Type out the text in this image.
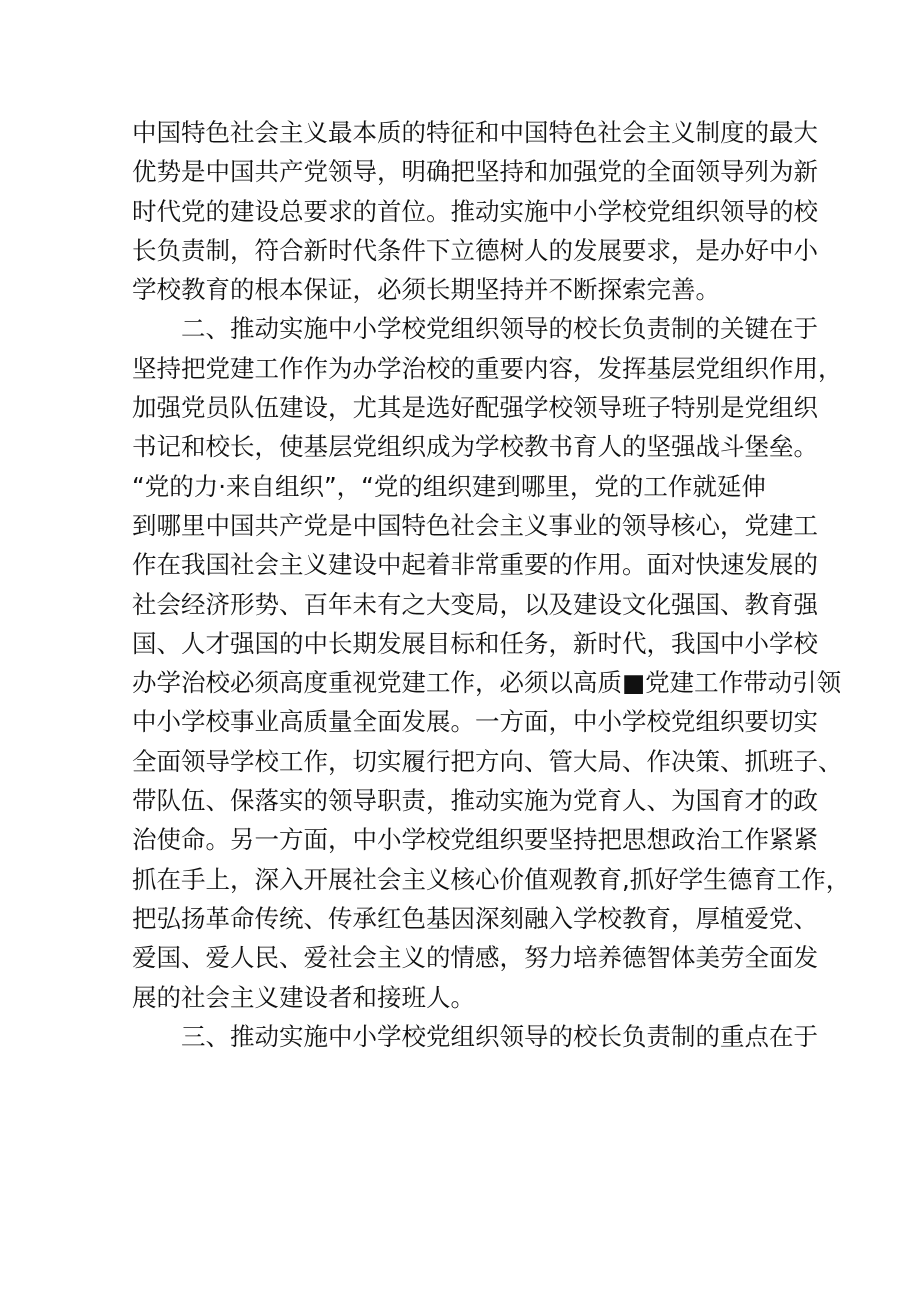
中国特色社会主义最本质的特征和中国特色社会主义制度的最大
优势是中国共产党领导，明确把坚持和加强党的全面领导列为新
时代党的建设总要求的首位。推动实施中小学校党组织领导的校
长负责制，符合新时代条件下立德树人的发展要求，是办好中小
学校教育的根本保证，必须长期坚持并不断探索完善。
二、推动实施中小学校党组织领导的校长负责制的关键在于
坚持把党建工作作为办学治校的重要内容，发挥基层党组织作用，
加强党员队伍建设，尤其是选好配强学校领导班子特别是党组织
书记和校长，使基层党组织成为学校教书育人的坚强战斗堡垒。
“党的力·来自组织”，“党的组织建到哪里，党的工作就延伸
到哪里中国共产党是中国特色社会主义事业的领导核心，党建工
作在我国社会主义建设中起着非常重要的作用。面对快速发展的
社会经济形势、百年未有之大变局，以及建设文化强国、教育强
国、人才强国的中长期发展目标和任务，新时代，我国中小学校
办学治校必须高度重视党建工作，必须以高质■党建工作带动引领
中小学校事业高质量全面发展。一方面，中小学校党组织要切实
全面领导学校工作，切实履行把方向、管大局、作决策、抓班子、
带队伍、保落实的领导职责，推动实施为党育人、为国育才的政
治使命。另一方面，中小学校党组织要坚持把思想政治工作紧紧
抓在手上，深入开展社会主义核心价值观教育,抓好学生德育工作，
把弘扬革命传统、传承红色基因深刻融入学校教育，厚植爱党、
爱国、爱人民、爱社会主义的情感，努力培养德智体美劳全面发
展的社会主义建设者和接班人。
三、推动实施中小学校党组织领导的校长负责制的重点在于
